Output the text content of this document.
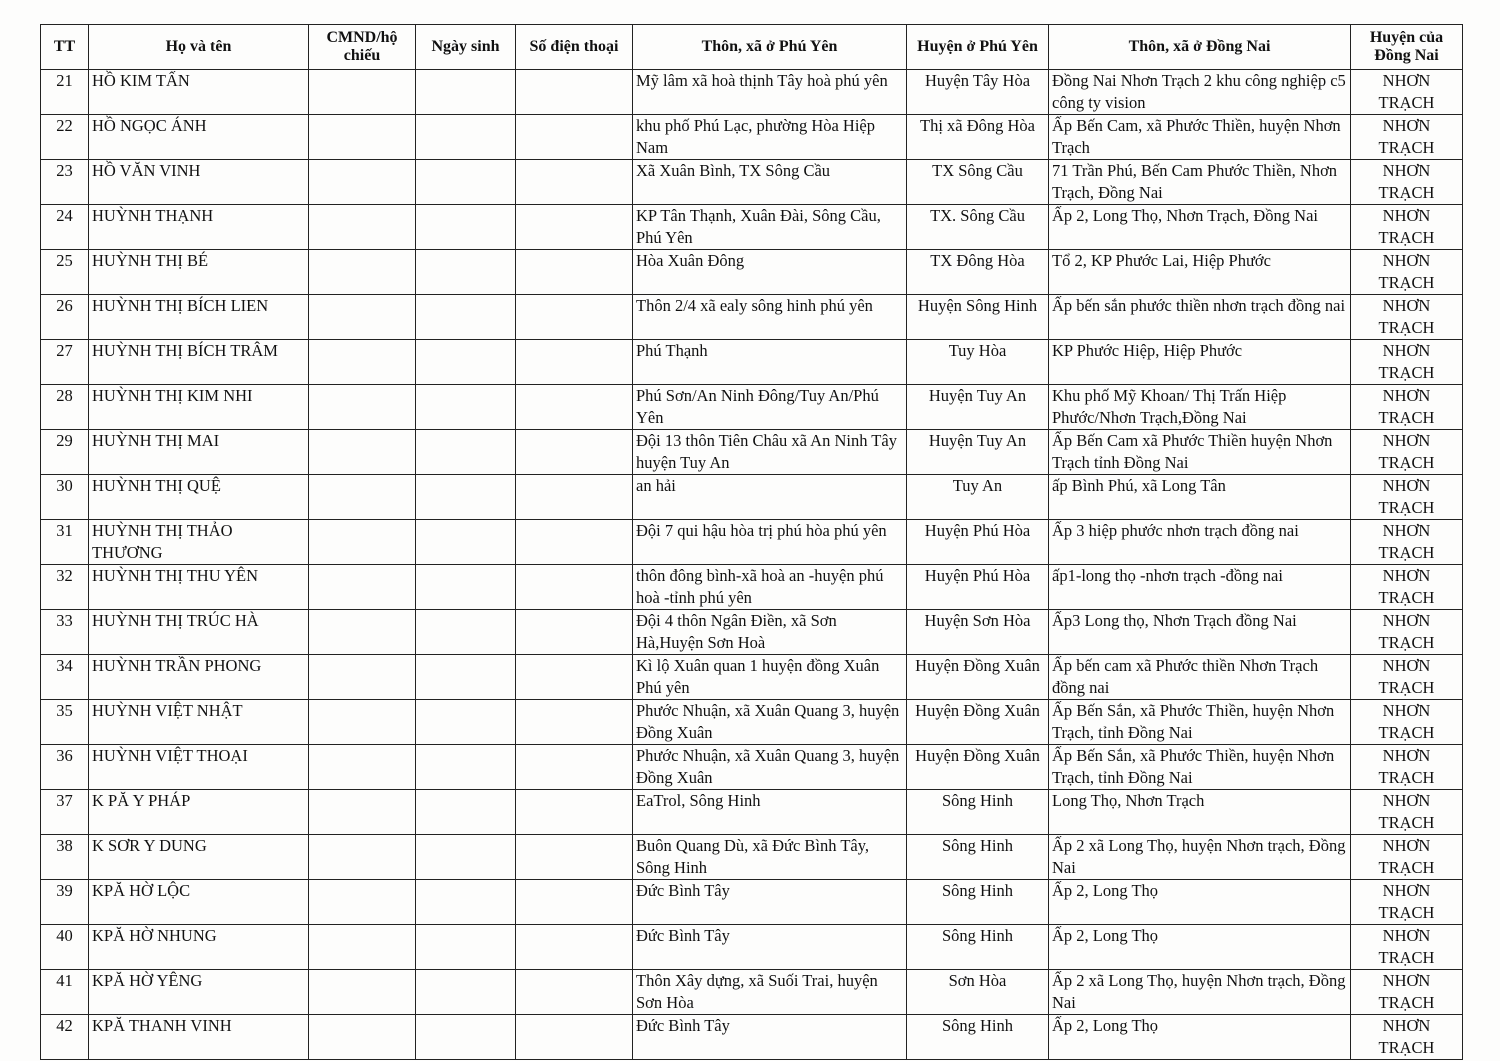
TT	Họ và tên	CMND/hộ chiếu	Ngày sinh	Số điện thoại	Thôn, xã ở Phú Yên	Huyện ở Phú Yên	Thôn, xã ở Đồng Nai	Huyện của Đồng Nai
21	HỒ KIM TẤN				Mỹ lâm xã hoà thịnh Tây hoà phú yên	Huyện Tây Hòa	Đồng Nai Nhơn Trạch 2 khu công nghiệp c5 công ty vision	NHƠN TRẠCH
22	HỒ NGỌC ÁNH				khu phố Phú Lạc, phường Hòa Hiệp Nam	Thị xã Đông Hòa	Ấp Bến Cam, xã Phước Thiền, huyện Nhơn Trạch	NHƠN TRẠCH
23	HỒ VĂN VINH				Xã Xuân Bình, TX Sông Cầu	TX Sông Cầu	71 Trần Phú, Bến Cam Phước Thiền, Nhơn Trạch, Đồng Nai	NHƠN TRẠCH
24	HUỲNH THẠNH				KP Tân Thạnh, Xuân Đài, Sông Cầu, Phú Yên	TX. Sông Cầu	Ấp 2, Long Thọ, Nhơn Trạch, Đồng Nai	NHƠN TRẠCH
25	HUỲNH THỊ BÉ				Hòa Xuân Đông	TX Đông Hòa	Tổ 2, KP Phước Lai, Hiệp Phước	NHƠN TRẠCH
26	HUỲNH THỊ BÍCH LIEN				Thôn 2/4 xã ealy sông hinh phú yên	Huyện Sông Hinh	Ấp bến sắn phước thiền nhơn trạch đồng nai	NHƠN TRẠCH
27	HUỲNH THỊ BÍCH TRÂM				Phú Thạnh	Tuy Hòa	KP Phước Hiệp, Hiệp Phước	NHƠN TRẠCH
28	HUỲNH THỊ KIM NHI				Phú Sơn/An Ninh Đông/Tuy An/Phú Yên	Huyện Tuy An	Khu phố Mỹ Khoan/ Thị Trấn Hiệp Phước/Nhơn Trạch,Đồng Nai	NHƠN TRẠCH
29	HUỲNH THỊ MAI				Đội 13 thôn Tiên Châu xã An Ninh Tây huyện Tuy An	Huyện Tuy An	Ấp Bến Cam xã Phước Thiền huyện Nhơn Trạch tỉnh Đồng Nai	NHƠN TRẠCH
30	HUỲNH THỊ QUỆ				an hải	Tuy An	ấp Bình Phú, xã Long Tân	NHƠN TRẠCH
31	HUỲNH THỊ THẢO THƯƠNG				Đội 7 qui hậu hòa trị phú hòa phú yên	Huyện Phú Hòa	Ấp 3 hiệp phước nhơn trạch đồng nai	NHƠN TRẠCH
32	HUỲNH THỊ THU YÊN				thôn đông bình-xã hoà an -huyện phú hoà -tỉnh phú yên	Huyện Phú Hòa	ấp1-long thọ -nhơn trạch -đồng nai	NHƠN TRẠCH
33	HUỲNH THỊ TRÚC HÀ				Đội 4 thôn Ngân Điền, xã Sơn Hà,Huyện Sơn Hoà	Huyện Sơn Hòa	Ấp3 Long thọ, Nhơn Trạch đồng Nai	NHƠN TRẠCH
34	HUỲNH TRẦN PHONG				Kì lộ Xuân quan 1 huyện đồng Xuân Phú yên	Huyện Đồng Xuân	Ấp bến cam xã Phước thiền Nhơn Trạch đồng nai	NHƠN TRẠCH
35	HUỲNH VIỆT NHẬT				Phước Nhuận, xã Xuân Quang 3, huyện Đồng Xuân	Huyện Đồng Xuân	Ấp Bến Sắn, xã Phước Thiền, huyện Nhơn Trạch, tỉnh Đồng Nai	NHƠN TRẠCH
36	HUỲNH VIỆT THOẠI				Phước Nhuận, xã Xuân Quang 3, huyện Đồng Xuân	Huyện Đồng Xuân	Ấp Bến Sắn, xã Phước Thiền, huyện Nhơn Trạch, tỉnh Đồng Nai	NHƠN TRẠCH
37	K PĂ Y PHÁP				EaTrol, Sông Hinh	Sông Hinh	Long Thọ, Nhơn Trạch	NHƠN TRẠCH
38	K SƠR Y DUNG				Buôn Quang Dù, xã Đức Bình Tây, Sông Hinh	Sông Hinh	Ấp 2 xã Long Thọ, huyện Nhơn trạch, Đồng Nai	NHƠN TRẠCH
39	KPĂ HỜ LỘC				Đức Bình Tây	Sông Hinh	Ấp 2, Long Thọ	NHƠN TRẠCH
40	KPĂ HỜ NHUNG				Đức Bình Tây	Sông Hinh	Ấp 2, Long Thọ	NHƠN TRẠCH
41	KPĂ HỜ YÊNG				Thôn Xây dựng, xã Suối Trai, huyện Sơn Hòa	Sơn Hòa	Ấp 2 xã Long Thọ, huyện Nhơn trạch, Đồng Nai	NHƠN TRẠCH
42	KPĂ THANH VINH				Đức Bình Tây	Sông Hinh	Ấp 2, Long Thọ	NHƠN TRẠCH
